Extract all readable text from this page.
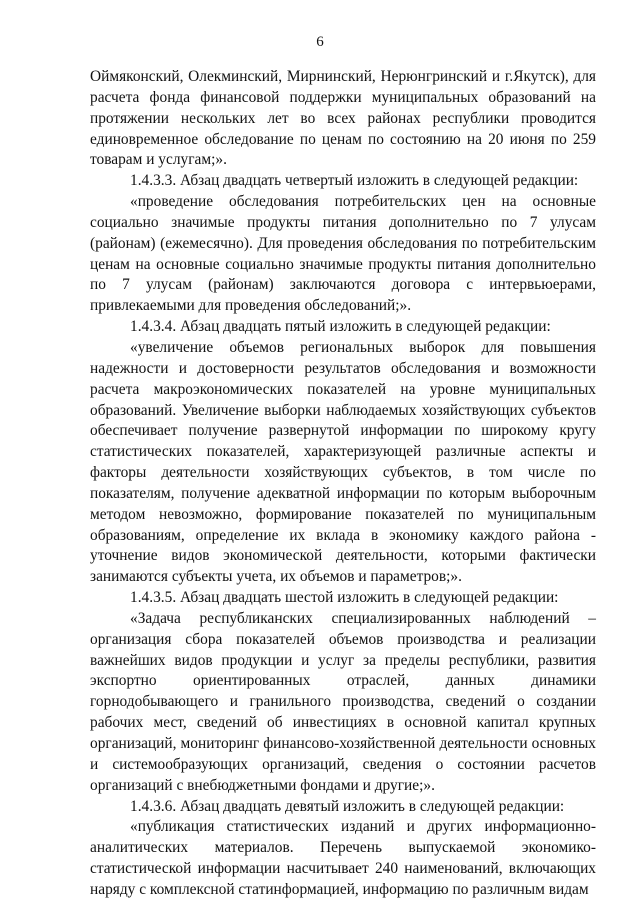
6

Оймяконский, Олекминский, Мирнинский, Нерюнгринский и г.Якутск), для расчета фонда финансовой поддержки муниципальных образований на протяжении нескольких лет во всех районах республики проводится единовременное обследование по ценам по состоянию на 20 июня по 259 товарам и услугам;».

1.4.3.3. Абзац двадцать четвертый изложить в следующей редакции:

«проведение обследования потребительских цен на основные социально значимые продукты питания дополнительно по 7 улусам (районам) (ежемесячно). Для проведения обследования по потребительским ценам на основные социально значимые продукты питания дополнительно по 7 улусам (районам) заключаются договора с интервьюерами, привлекаемыми для проведения обследований;».

1.4.3.4. Абзац двадцать пятый изложить в следующей редакции:

«увеличение объемов региональных выборок для повышения надежности и достоверности результатов обследования и возможности расчета макроэкономических показателей на уровне муниципальных образований. Увеличение выборки наблюдаемых хозяйствующих субъектов обеспечивает получение развернутой информации по широкому кругу статистических показателей, характеризующей различные аспекты и факторы деятельности хозяйствующих субъектов, в том числе по показателям, получение адекватной информации по которым выборочным методом невозможно, формирование показателей по муниципальным образованиям, определение их вклада в экономику каждого района - уточнение видов экономической деятельности, которыми фактически занимаются субъекты учета, их объемов и параметров;».

1.4.3.5. Абзац двадцать шестой изложить в следующей редакции:

«Задача республиканских специализированных наблюдений – организация сбора показателей объемов производства и реализации важнейших видов продукции и услуг за пределы республики, развития экспортно ориентированных отраслей, данных динамики горнодобывающего и гранильного производства, сведений о создании рабочих мест, сведений об инвестициях в основной капитал крупных организаций, мониторинг финансово-хозяйственной деятельности основных и системообразующих организаций, сведения о состоянии расчетов организаций с внебюджетными фондами и другие;».

1.4.3.6. Абзац двадцать девятый изложить в следующей редакции:

«публикация статистических изданий и других информационно-аналитических материалов. Перечень выпускаемой экономико-статистической информации насчитывает 240 наименований, включающих наряду с комплексной статинформацией, информацию по различным видам
